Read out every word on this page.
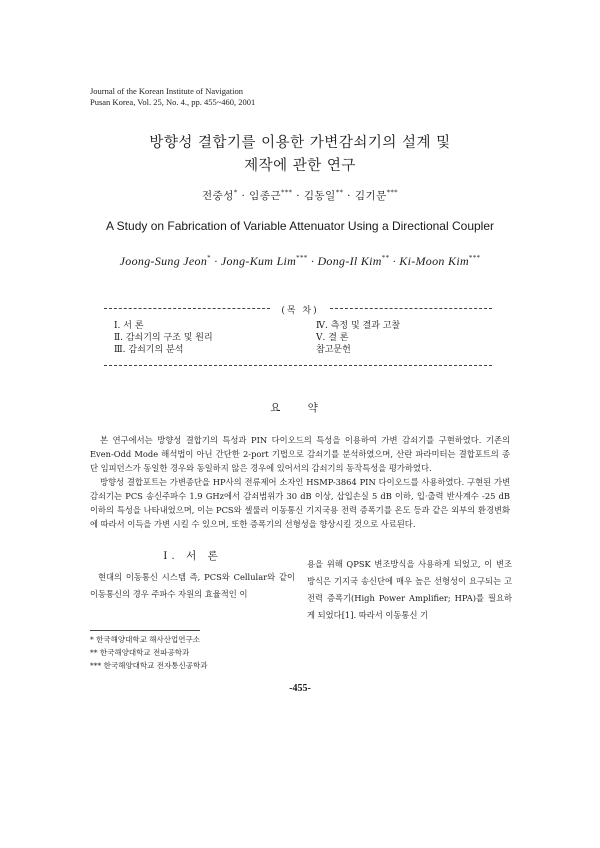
Journal of the Korean Institute of Navigation
Pusan Korea, Vol. 25, No. 4., pp. 455~460, 2001
방향성 결합기를 이용한 가변감쇠기의 설계 및
제작에 관한 연구
전중성* · 임종근*** · 김동일** · 김기문***
A Study on Fabrication of Variable Attenuator Using a Directional Coupler
Joong-Sung Jeon* · Jong-Kum Lim*** · Dong-Il Kim** · Ki-Moon Kim***
(목 차)
Ⅰ. 서 론
Ⅱ. 감쇠기의 구조 및 원리
Ⅲ. 감쇠기의 분석
Ⅳ. 측정 및 결과 고찰
Ⅴ. 결 론
참고문헌
요 약

본 연구에서는 방향성 결합기의 특성과 PIN 다이오드의 특성을 이용하여 가변 감쇠기를 구현하였다. 기존의 Even-Odd Mode 해석법이 아닌 간단한 2-port 기법으로 감쇠기를 분석하였으며, 산란 파라미터는 결합포트의 종단 임피던스가 동일한 경우와 동일하지 않은 경우에 있어서의 감쇠기의 동작특성을 평가하였다.

방향성 결합포트는 가변종단을 HP사의 전류제어 소자인 HSMP-3864 PIN 다이오드를 사용하였다. 구현된 가변감쇠기는 PCS 송신주파수 1.9 GHz에서 감쇠범위가 30 dB 이상, 삽입손실 5 dB 이하, 입·출력 반사계수 -25 dB 이하의 특성을 나타내었으며, 이는 PCS와 셀룰러 이동통신 기지국용 전력 증폭기를 온도 등과 같은 외부의 환경변화에 따라서 이득을 가변 시킬 수 있으며, 또한 증폭기의 선형성을 향상시킬 것으로 사료된다.

Ⅰ. 서 론

현대의 이동통신 시스템 즉, PCS와 Cellular와 같이 이동통신의 경우 주파수 자원의 효율적인 이

용을 위해 QPSK 변조방식을 사용하게 되었고, 이 변조방식은 기지국 송신단에 매우 높은 선형성이 요구되는 고전력 증폭기(High Power Amplifier; HPA)를 필요하게 되었다[1]. 따라서 이동통신 기

* 한국해양대학교 해사산업연구소
** 한국해양대학교 전파공학과
*** 한국해양대학교 전자통신공학과
-455-
